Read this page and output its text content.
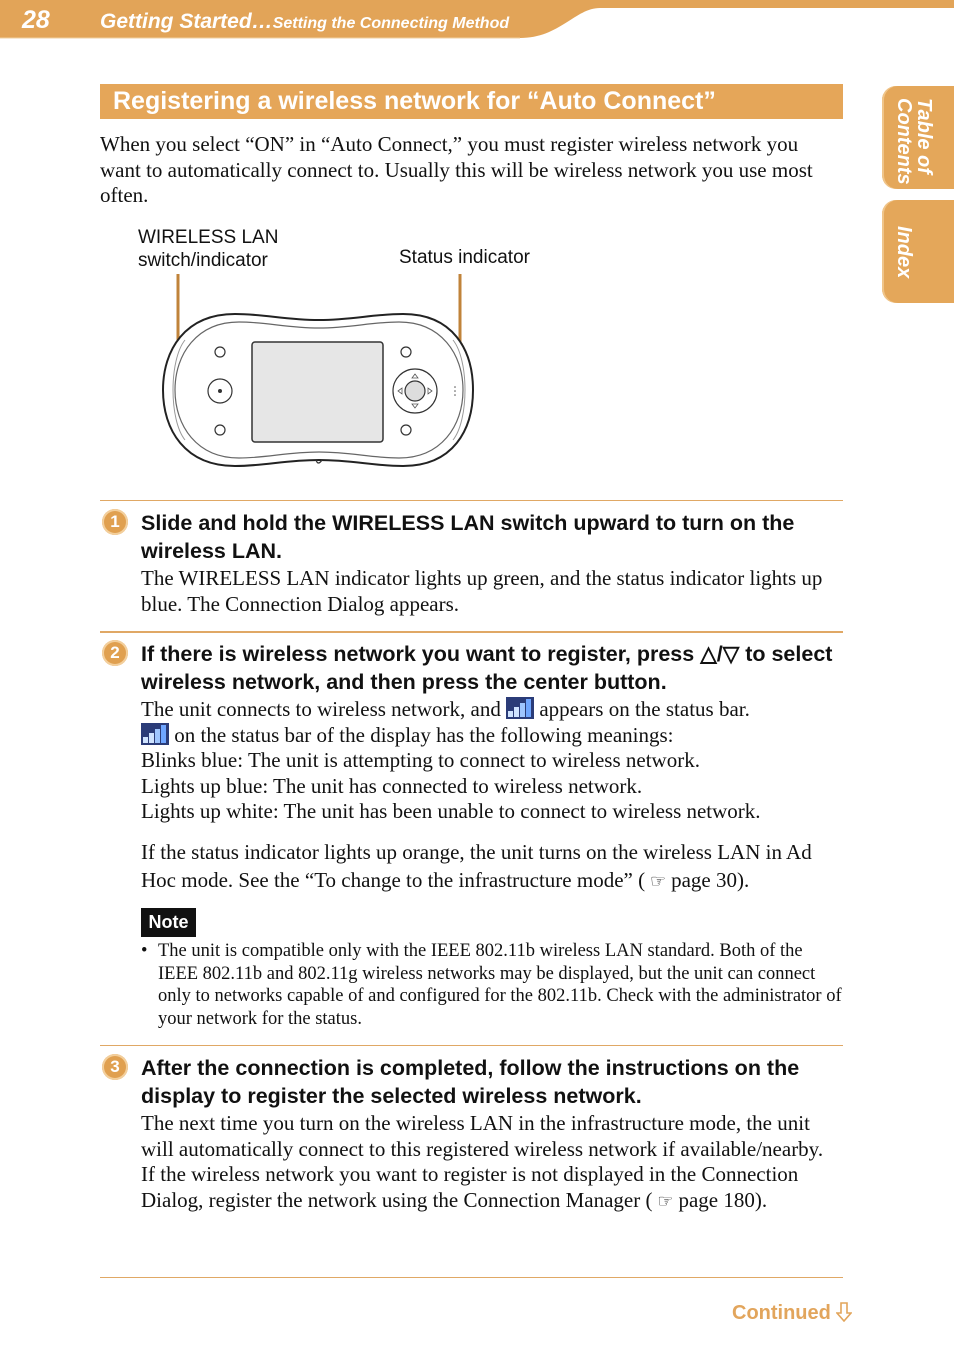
28 Getting Started…Setting the Connecting Method
Table of Contents
Index
Registering a wireless network for “Auto Connect”
When you select “ON” in “Auto Connect,” you must register wireless network you want to automatically connect to. Usually this will be wireless network you use most often.
WIRELESS LAN
switch/indicator	Status indicator
1 Slide and hold the WIRELESS LAN switch upward to turn on the wireless LAN.
The WIRELESS LAN indicator lights up green, and the status indicator lights up blue. The Connection Dialog appears.
2 If there is wireless network you want to register, press △/▽ to select wireless network, and then press the center button.

The unit connects to wireless network, and appears on the status bar.

on the status bar of the display has the following meanings:

Blinks blue: The unit is attempting to connect to wireless network.

Lights up blue: The unit has connected to wireless network.

Lights up white: The unit has been unable to connect to wireless network.

If the status indicator lights up orange, the unit turns on the wireless LAN in Ad Hoc mode. See the “To change to the infrastructure mode” ( ☞ page 30).

Note
• The unit is compatible only with the IEEE 802.11b wireless LAN standard. Both of the IEEE 802.11b and 802.11g wireless networks may be displayed, but the unit can connect only to networks capable of and configured for the 802.11b. Check with the administrator of your network for the status.
3 After the connection is completed, follow the instructions on the display to register the selected wireless network.

The next time you turn on the wireless LAN in the infrastructure mode, the unit will automatically connect to this registered wireless network if available/nearby.

If the wireless network you want to register is not displayed in the Connection Dialog, register the network using the Connection Manager ( ☞ page 180).

Continued
